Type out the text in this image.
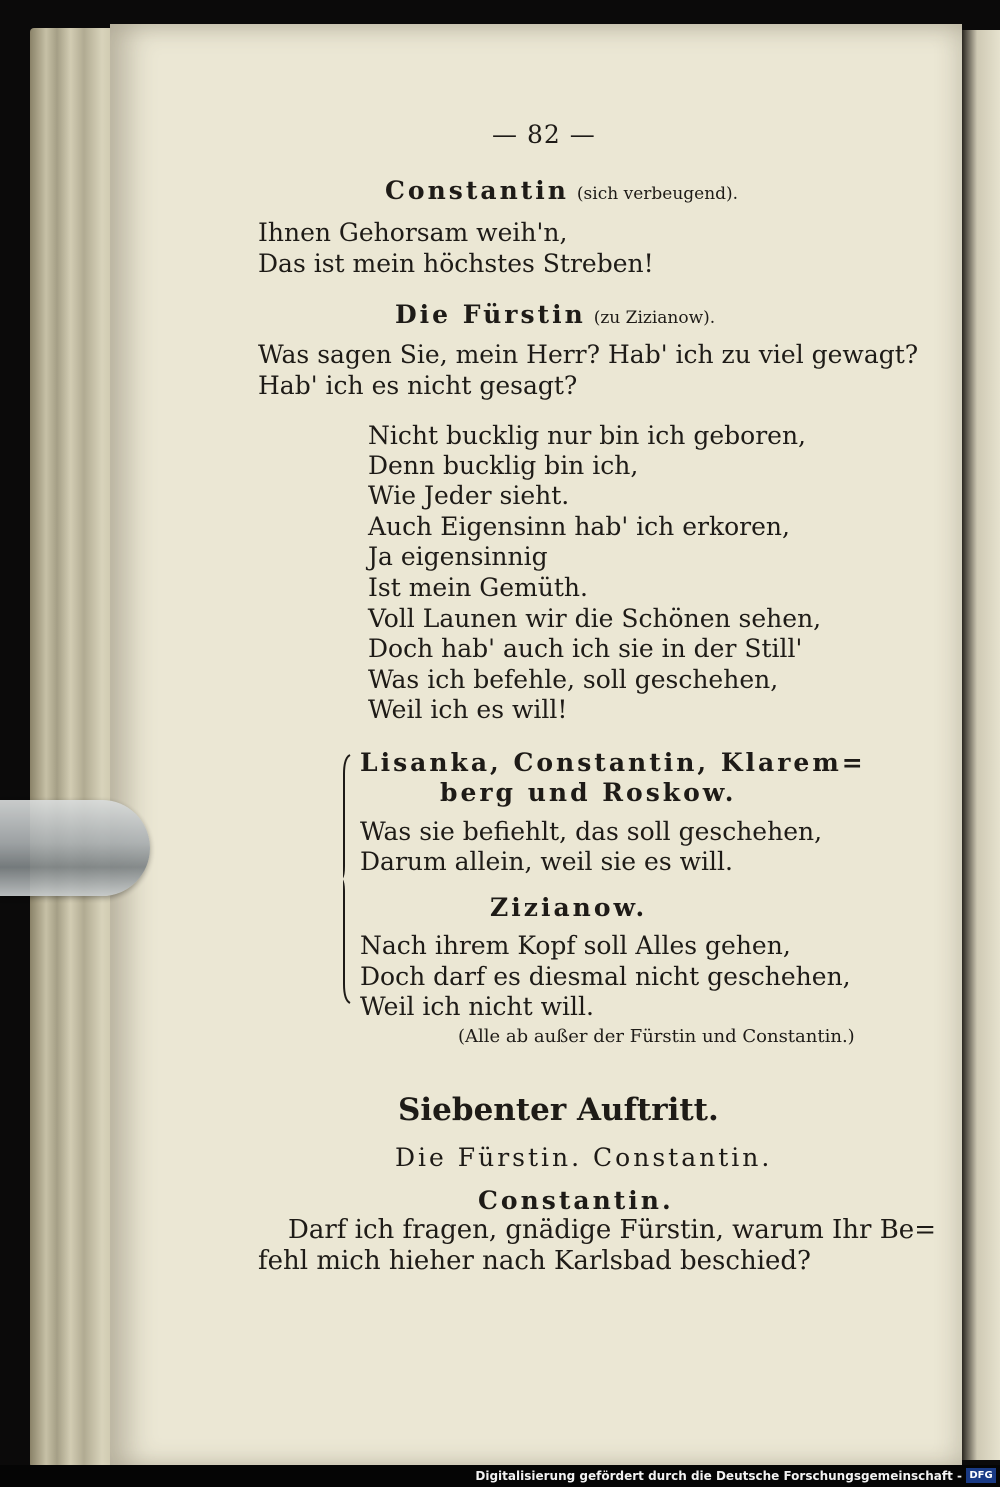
— 82 —
Constantin (sich verbeugend).
Ihnen Gehorsam weih'n,
Das ist mein höchstes Streben!
Die Fürstin (zu Zizianow).
Was sagen Sie, mein Herr? Hab' ich zu viel gewagt?
Hab' ich es nicht gesagt?
Nicht bucklig nur bin ich geboren,
Denn bucklig bin ich,
Wie Jeder sieht.
Auch Eigensinn hab' ich erkoren,
Ja eigensinnig
Ist mein Gemüth.
Voll Launen wir die Schönen sehen,
Doch hab' auch ich sie in der Still'
Was ich befehle, soll geschehen,
Weil ich es will!
Lisanka, Constantin, Klarem=
berg und Roskow.
Was sie befiehlt, das soll geschehen,
Darum allein, weil sie es will.
Zizianow.
Nach ihrem Kopf soll Alles gehen,
Doch darf es diesmal nicht geschehen,
Weil ich nicht will.
(Alle ab außer der Fürstin und Constantin.)
Siebenter Auftritt.
Die Fürstin. Constantin.
Constantin.
Darf ich fragen, gnädige Fürstin, warum Ihr Be=
fehl mich hieher nach Karlsbad beschied?
Digitalisierung gefördert durch die Deutsche Forschungsgemeinschaft - DFG
